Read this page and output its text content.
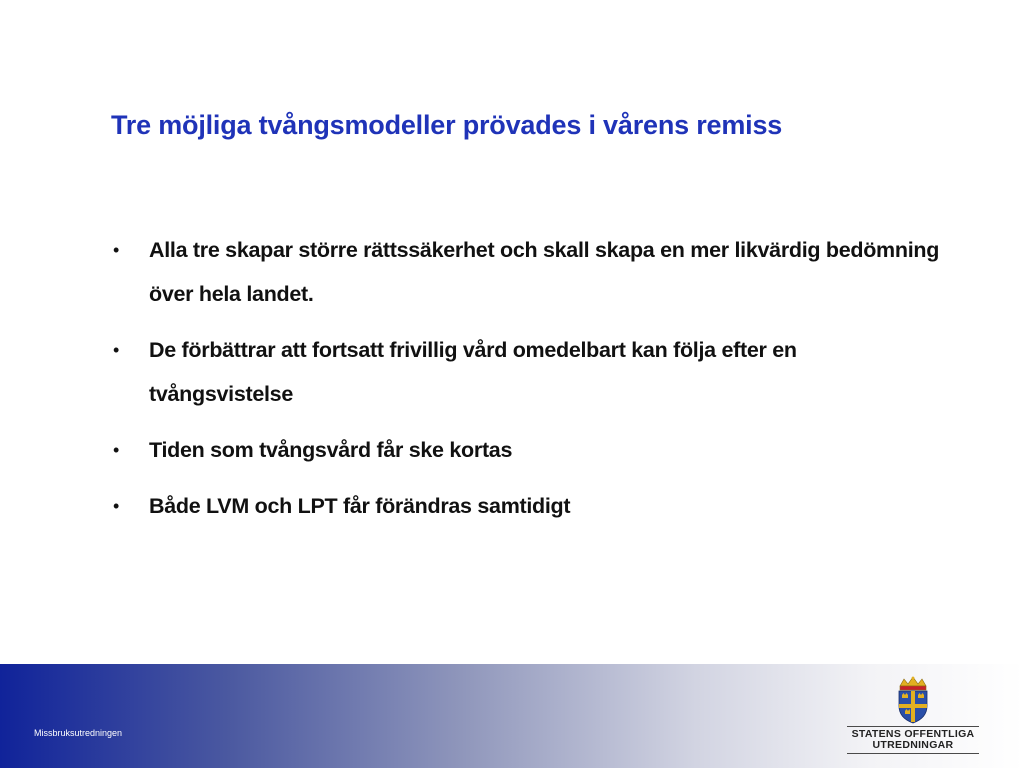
Tre möjliga tvångsmodeller prövades i vårens remiss
• Alla tre skapar större rättssäkerhet och skall skapa en mer likvärdig bedömning över hela landet.
• De förbättrar att fortsatt frivillig vård omedelbart kan följa efter en tvångsvistelse
• Tiden som tvångsvård får ske kortas
• Både LVM och LPT får förändras samtidigt
Missbruksutredningen	STATENS OFFENTLIGA
UTREDNINGAR
